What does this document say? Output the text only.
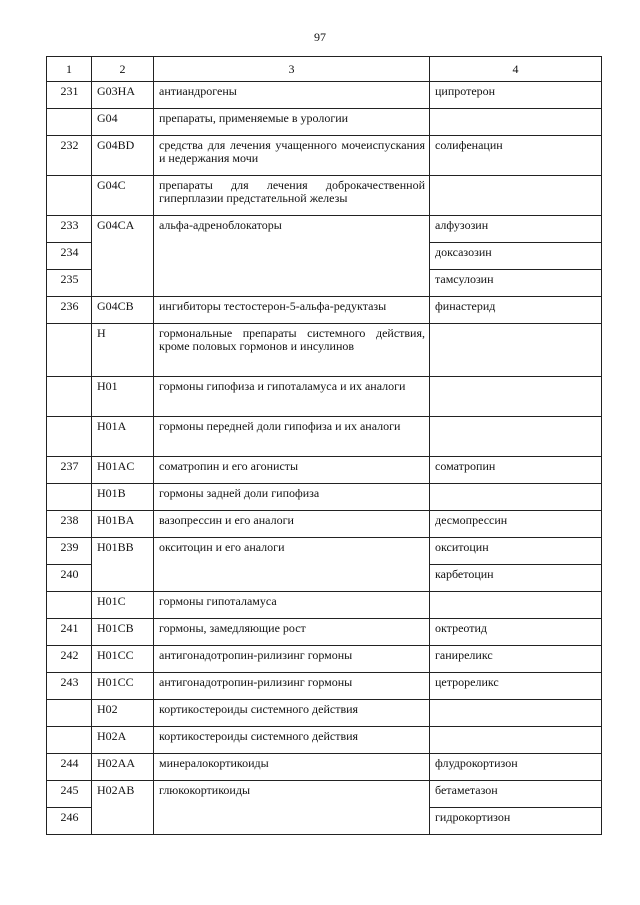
97
1	2	3	4
231	G03HA	антиандрогены	ципротерон
	G04	препараты, применяемые в урологии	
232	G04BD	средства для лечения учащенного мочеиспускания и недержания мочи	солифенацин
	G04C	препараты для лечения доброкачественной гиперплазии предстательной железы	
233	G04CA	альфа-адреноблокаторы	алфузозин
234			доксазозин
235			тамсулозин
236	G04CB	ингибиторы тестостерон-5-альфа-редуктазы	финастерид
	H	гормональные препараты системного действия, кроме половых гормонов и инсулинов	
	H01	гормоны гипофиза и гипоталамуса и их аналоги	
	H01A	гормоны передней доли гипофиза и их аналоги	
237	H01AC	соматропин и его агонисты	соматропин
	H01B	гормоны задней доли гипофиза	
238	H01BA	вазопрессин и его аналоги	десмопрессин
239	H01BB	окситоцин и его аналоги	окситоцин
240			карбетоцин
	H01C	гормоны гипоталамуса	
241	H01CB	гормоны, замедляющие рост	октреотид
242	H01CC	антигонадотропин-рилизинг гормоны	ганиреликс
243	H01CC	антигонадотропин-рилизинг гормоны	цетрореликс
	H02	кортикостероиды системного действия	
	H02A	кортикостероиды системного действия	
244	H02AA	минералокортикоиды	флудрокортизон
245	H02AB	глюкокортикоиды	бетаметазон
246			гидрокортизон
